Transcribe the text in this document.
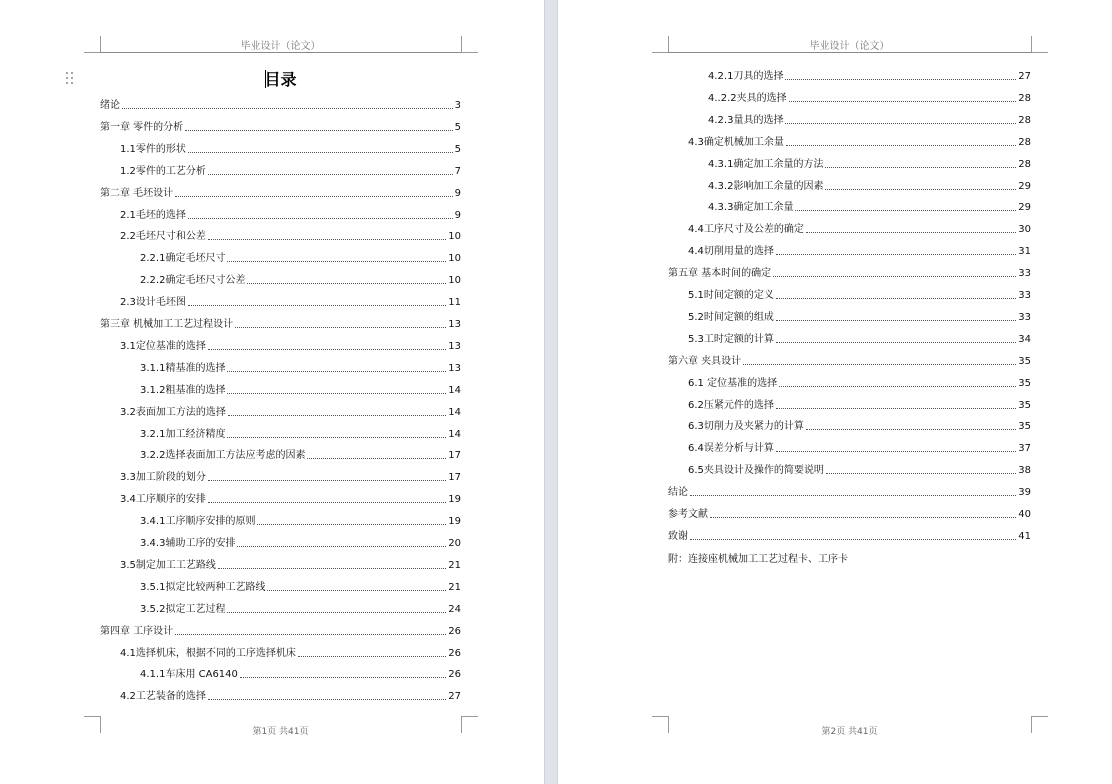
毕业设计（论文）
目录
绪论	3
第一章 零件的分析	5
1.1零件的形状	5
1.2零件的工艺分析	7
第二章 毛坯设计	9
2.1毛坯的选择	9
2.2毛坯尺寸和公差	10
2.2.1确定毛坯尺寸	10
2.2.2确定毛坯尺寸公差	10
2.3设计毛坯图	11
第三章 机械加工工艺过程设计	13
3.1定位基准的选择	13
3.1.1精基准的选择	13
3.1.2粗基准的选择	14
3.2表面加工方法的选择	14
3.2.1加工经济精度	14
3.2.2选择表面加工方法应考虑的因素	17
3.3加工阶段的划分	17
3.4工序顺序的安排	19
3.4.1工序顺序安排的原则	19
3.4.3辅助工序的安排	20
3.5制定加工工艺路线	21
3.5.1拟定比较两种工艺路线	21
3.5.2拟定工艺过程	24
第四章 工序设计	26
4.1选择机床，根据不同的工序选择机床	26
4.1.1车床用 CA6140	26
4.2工艺装备的选择	27
第1页 共41页
毕业设计（论文）
4.2.1刀具的选择	27
4..2.2夹具的选择	28
4.2.3量具的选择	28
4.3确定机械加工余量	28
4.3.1确定加工余量的方法	28
4.3.2影响加工余量的因素	29
4.3.3确定加工余量	29
4.4工序尺寸及公差的确定	30
4.4切削用量的选择	31
第五章 基本时间的确定	33
5.1时间定额的定义	33
5.2时间定额的组成	33
5.3工时定额的计算	34
第六章 夹具设计	35
6.1 定位基准的选择	35
6.2压紧元件的选择	35
6.3切削力及夹紧力的计算	35
6.4误差分析与计算	37
6.5夹具设计及操作的简要说明	38
结论	39
参考文献	40
致谢	41
附：连接座机械加工工艺过程卡、工序卡
第2页 共41页
